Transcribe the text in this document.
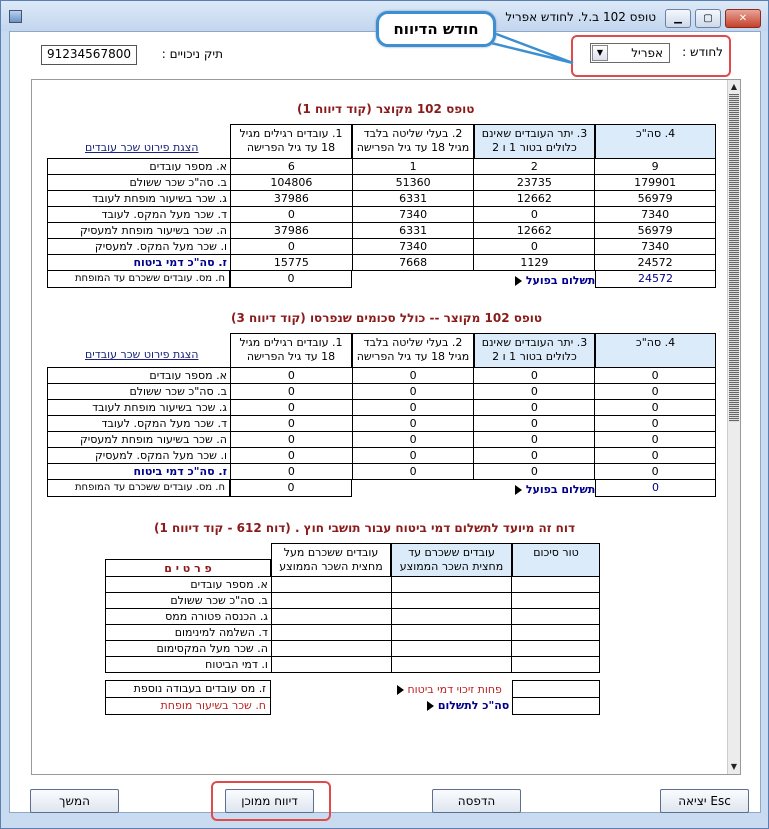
טופס 102 ב.ל. לחודש אפריל	▁	▢	✕
לחודש :
▼	אפריל
תיק ניכויים :
91234567800
חודש הדיווח
▲
▼
טופס 102 מקוצר (קוד דיווח 1)
4. סה"כ
3. יתר העובדים שאינם כלולים בטור 1 ו 2
2. בעלי שליטה בלבד מגיל 18 עד גיל הפרישה
1. עובדים רגילים מגיל 18 עד גיל הפרישה
הצגת פירוט שכר עובדים
9	2	1	6	א. מספר עובדים
179901	23735	51360	104806	ב. סה"כ שכר ששולם
56979	12662	6331	37986	ג. שכר בשיעור מופחת לעובד
7340	0	7340	0	ד. שכר מעל המקס. לעובד
56979	12662	6331	37986	ה. שכר בשיעור מופחת למעסיק
7340	0	7340	0	ו. שכר מעל המקס. למעסיק
24572	1129	7668	15775	ז. סה"כ דמי ביטוח
ח. מס. עובדים ששכרם עד המופחת	0	תשלום בפועל	24572
טופס 102 מקוצר -- כולל סכומים שנפרסו (קוד דיווח 3)
4. סה"כ
3. יתר העובדים שאינם כלולים בטור 1 ו 2
2. בעלי שליטה בלבד מגיל 18 עד גיל הפרישה
1. עובדים רגילים מגיל 18 עד גיל הפרישה
הצגת פירוט שכר עובדים
0	0	0	0	א. מספר עובדים
0	0	0	0	ב. סה"כ שכר ששולם
0	0	0	0	ג. שכר בשיעור מופחת לעובד
0	0	0	0	ד. שכר מעל המקס. לעובד
0	0	0	0	ה. שכר בשיעור מופחת למעסיק
0	0	0	0	ו. שכר מעל המקס. למעסיק
0	0	0	0	ז. סה"כ דמי ביטוח
ח. מס. עובדים ששכרם עד המופחת	0	תשלום בפועל	0
דוח זה מיועד לתשלום דמי ביטוח עבור תושבי חוץ . (דוח 612 - קוד דיווח 1)
טור סיכום
עובדים ששכרם עד מחצית השכר הממוצע
עובדים ששכרם מעל מחצית השכר הממוצע
פ ר ט י ם
			א. מספר עובדים
			ב. סה"כ שכר ששולם
			ג. הכנסה פטורה ממס
			ד. השלמה למינימום
			ה. שכר מעל המקסימום
			ו. דמי הביטוח
ז. מס עובדים בעבודה נוספת
ח. שכר בשיעור מופחת
פחות זיכוי דמי ביטוח
סה"כ לתשלום
יציאה Esc
הדפסה
דיווח ממוכן
המשך
